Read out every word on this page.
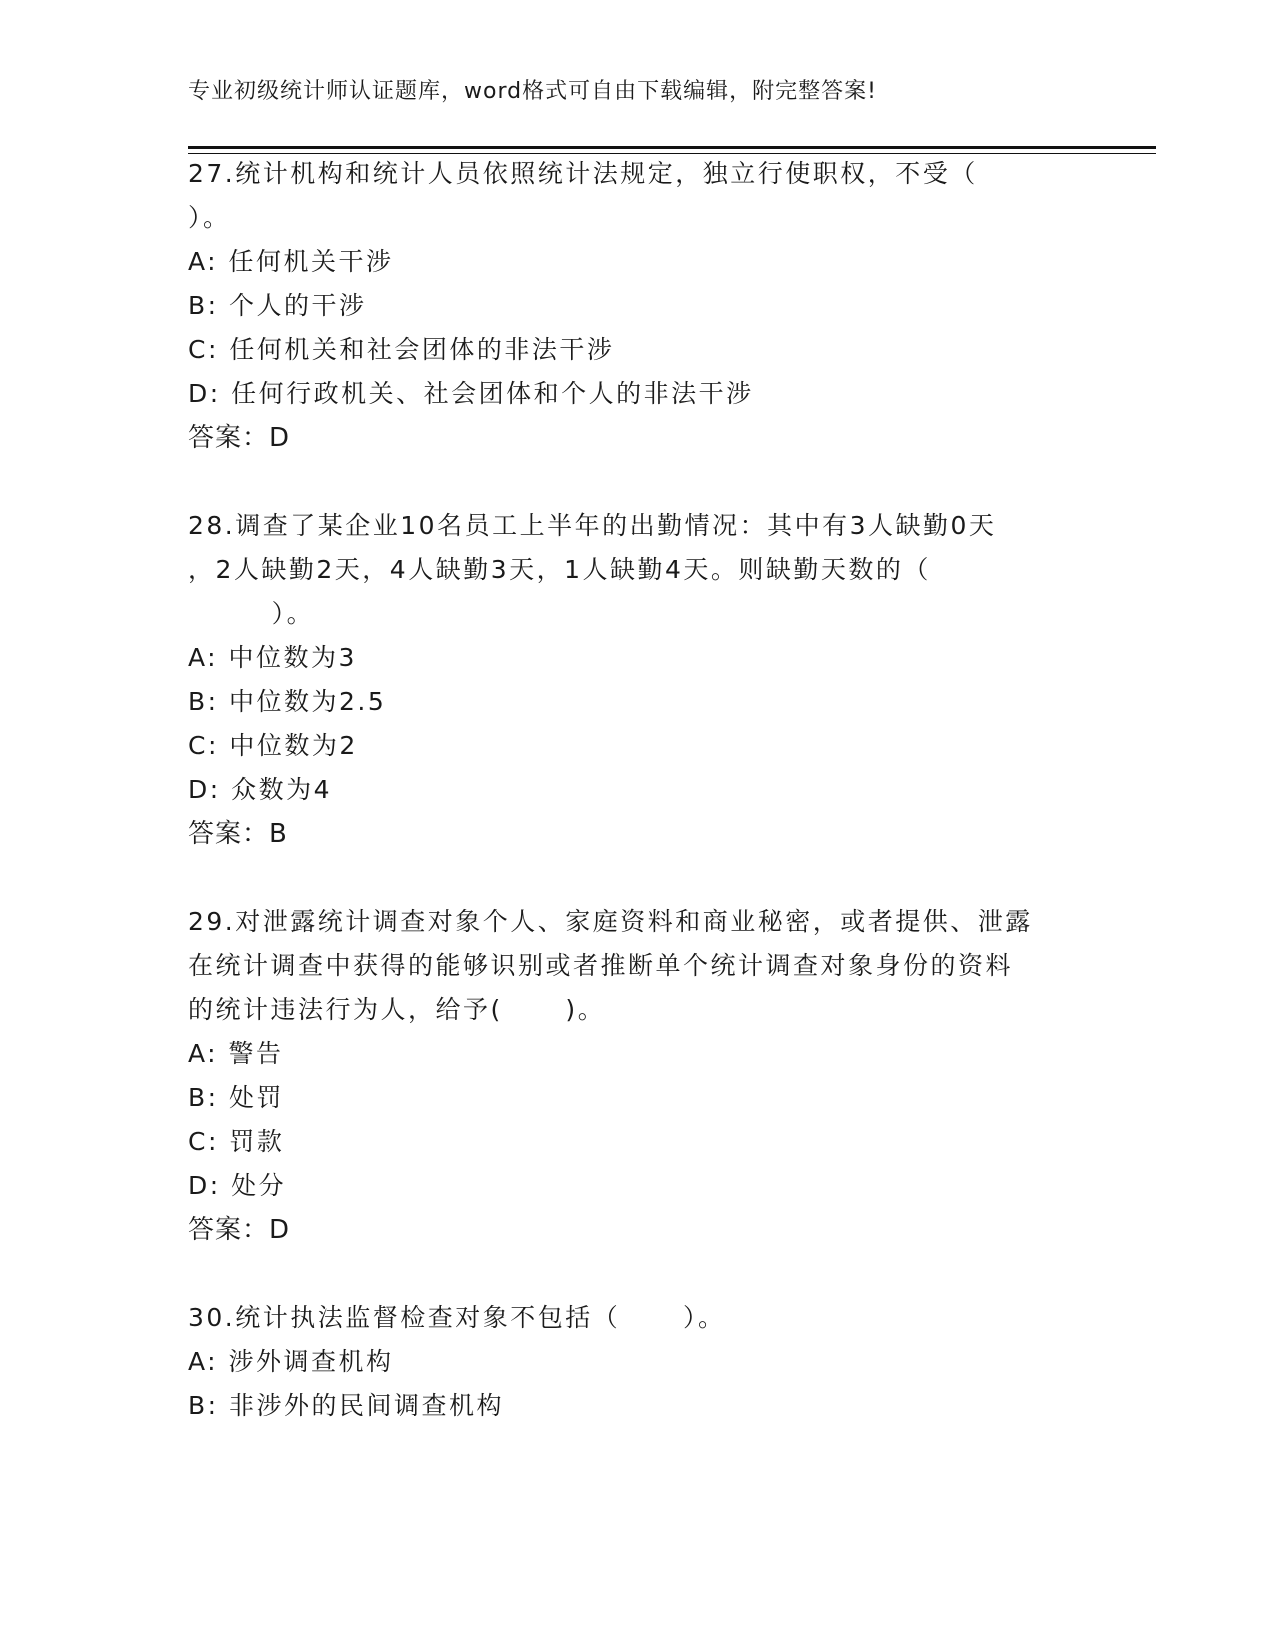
专业初级统计师认证题库，word格式可自由下载编辑，附完整答案!
27.统计机构和统计人员依照统计法规定，独立行使职权，不受（
）。
A: 任何机关干涉
B: 个人的干涉
C: 任何机关和社会团体的非法干涉
D: 任何行政机关、社会团体和个人的非法干涉
答案：D
28.调查了某企业10名员工上半年的出勤情况：其中有3人缺勤0天
，2人缺勤2天，4人缺勤3天，1人缺勤4天。则缺勤天数的（
）。
A: 中位数为3
B: 中位数为2.5
C: 中位数为2
D: 众数为4
答案：B
29.对泄露统计调查对象个人、家庭资料和商业秘密，或者提供、泄露
在统计调查中获得的能够识别或者推断单个统计调查对象身份的资料
的统计违法行为人，给予(      )。
A: 警告
B: 处罚
C: 罚款
D: 处分
答案：D
30.统计执法监督检查对象不包括（      ）。
A: 涉外调查机构
B: 非涉外的民间调查机构
